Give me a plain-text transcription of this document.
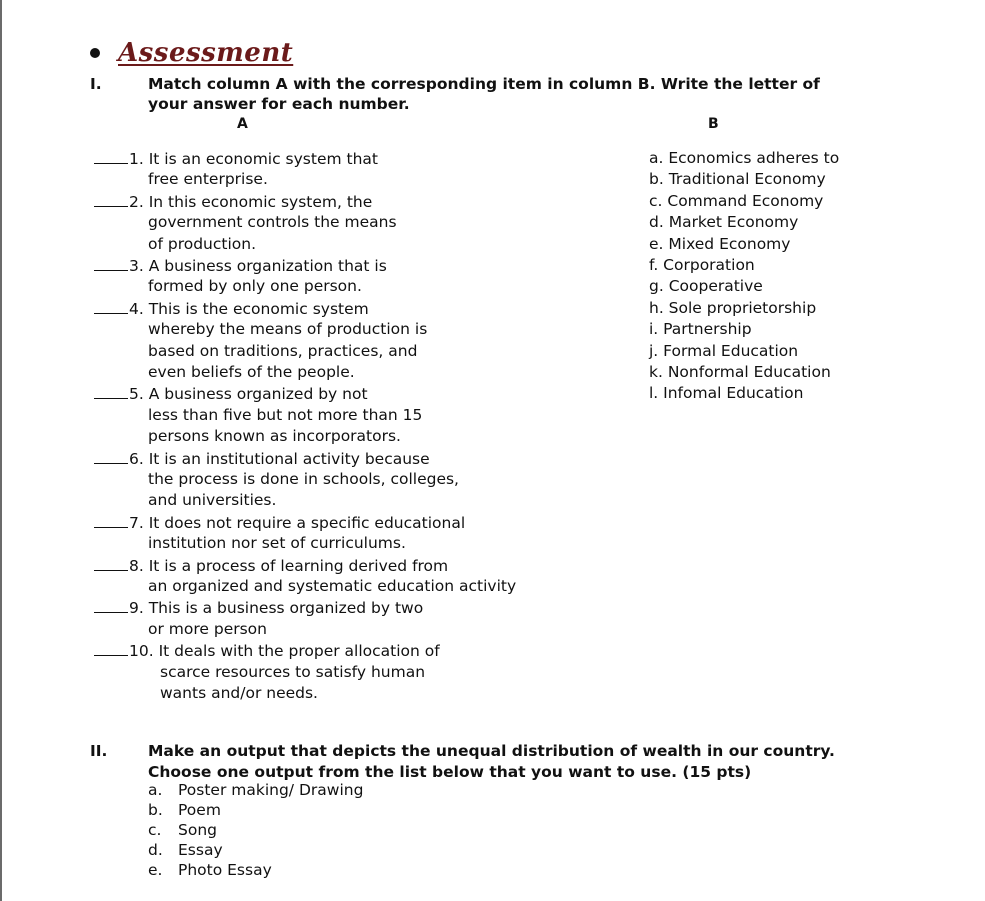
Assessment
I.	Match column A with the corresponding item in column B. Write the letter of
your answer for each number.
A	B
1. It is an economic system that
free enterprise.
2. In this economic system, the
government controls the means
of production.
3. A business organization that is
formed by only one person.
4. This is the economic system
whereby the means of production is
based on traditions, practices, and
even beliefs of the people.
5. A business organized by not
less than five but not more than 15
persons known as incorporators.
6. It is an institutional activity because
the process is done in schools, colleges,
and universities.
7. It does not require a specific educational
institution nor set of curriculums.
8. It is a process of learning derived from
an organized and systematic education activity
9. This is a business organized by two
or more person
10. It deals with the proper allocation of
scarce resources to satisfy human
wants and/or needs.
a. Economics adheres to
b. Traditional Economy
c. Command Economy
d. Market Economy
e. Mixed Economy
f. Corporation
g. Cooperative
h. Sole proprietorship
i. Partnership
j. Formal Education
k. Nonformal Education
l. Infomal Education
II.	Make an output that depicts the unequal distribution of wealth in our country.
Choose one output from the list below that you want to use. (15 pts)
a. Poster making/ Drawing
b. Poem
c. Song
d. Essay
e. Photo Essay
